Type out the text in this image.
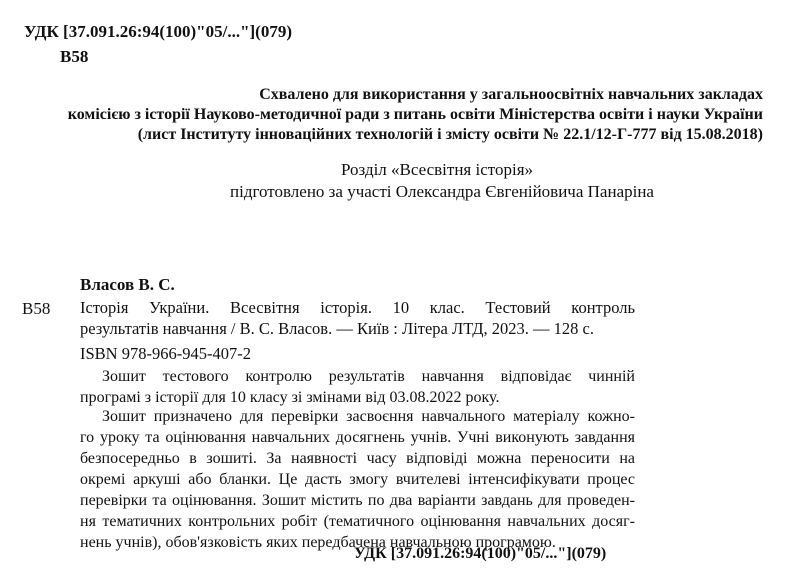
УДК [37.091.26:94(100)"05/..."](079)
В58
Схвалено для використання у загальноосвітніх навчальних закладах
комісією з історії Науково-методичної ради з питань освіти Міністерства освіти і науки України
(лист Інституту інноваційних технологій і змісту освіти № 22.1/12-Г-777 від 15.08.2018)
Розділ «Всесвітня історія»
підготовлено за участі Олександра Євгенійовича Панаріна
Власов В. С.
В58 Історія України. Всесвітня історія. 10 клас. Тестовий контроль
результатів навчання / В. С. Власов. — Київ : Літера ЛТД, 2023. — 128 с.
ISBN 978-966-945-407-2
Зошит тестового контролю результатів навчання відповідає чинній
програмі з історії для 10 класу зі змінами від 03.08.2022 року.
Зошит призначено для перевірки засвоєння навчального матеріалу кожно-
го уроку та оцінювання навчальних досягнень учнів. Учні виконують завдання
безпосередньо в зошиті. За наявності часу відповіді можна переносити на
окремі аркуші або бланки. Це дасть змогу вчителеві інтенсифікувати процес
перевірки та оцінювання. Зошит містить по два варіанти завдань для проведен-
ня тематичних контрольних робіт (тематичного оцінювання навчальних досяг-
нень учнів), обов'язковість яких передбачена навчальною програмою.
УДК [37.091.26:94(100)"05/..."](079)
